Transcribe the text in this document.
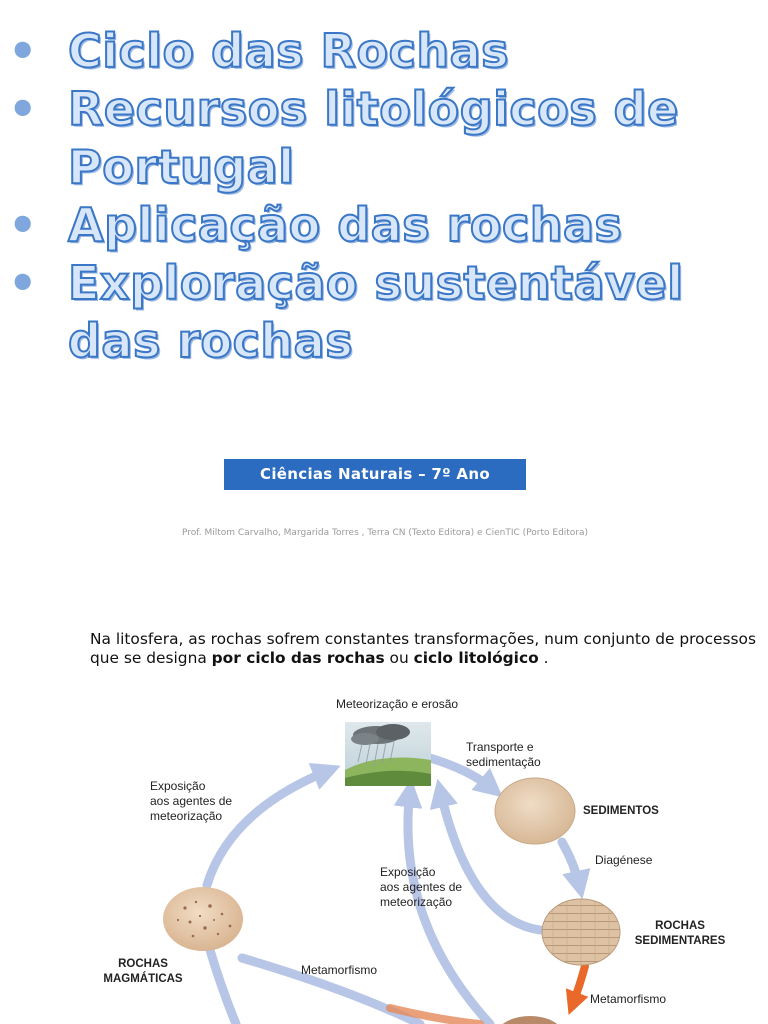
• Ciclo das Rochas
• Recursos litológicos de
Portugal
• Aplicação das rochas
• Exploração sustentável
das rochas
Ciências Naturais – 7º Ano
Prof. Miltom Carvalho, Margarida Torres , Terra CN (Texto Editora) e CienTIC (Porto Editora)
Na litosfera, as rochas sofrem constantes transformações, num conjunto de processos que se designa por ciclo das rochas ou ciclo litológico .
Meteorização e erosão
Transporte e
sedimentação
SEDIMENTOS
Diagénese
ROCHAS
SEDIMENTARES
Exposição
aos agentes de
meteorização
Exposição
aos agentes de
meteorização
ROCHAS
MAGMÁTICAS
Metamorfismo
Metamorfismo
